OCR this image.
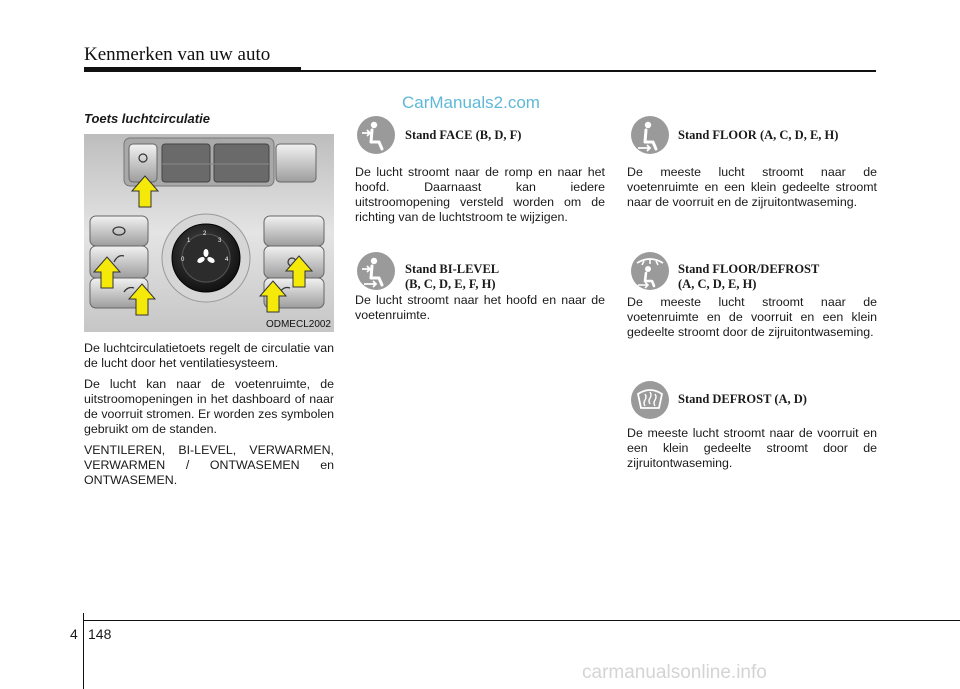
Kenmerken van uw auto
CarManuals2.com
Toets luchtcirculatie
1
2
3
0	4
ODMECL2002

De luchtcirculatietoets regelt de circulatie van de lucht door het ventilatiesysteem.

De lucht kan naar de voetenruimte, de uitstroomopeningen in het dashboard of naar de voorruit stromen. Er worden zes symbolen gebruikt om de standen.

VENTILEREN, BI-LEVEL, VERWARMEN, VERWARMEN / ONTWASEMEN en ONTWASEMEN.

Stand FACE (B, D, F)
De lucht stroomt naar de romp en naar het hoofd. Daarnaast kan iedere uitstroomopening versteld worden om de richting van de luchtstroom te wijzigen.
Stand BI-LEVEL
(B, C, D, E, F, H)
De lucht stroomt naar het hoofd en naar de voetenruimte.
Stand FLOOR (A, C, D, E, H)
De meeste lucht stroomt naar de voetenruimte en een klein gedeelte stroomt naar de voorruit en de zijruitontwaseming.
Stand FLOOR/DEFROST
(A, C, D, E, H)
De meeste lucht stroomt naar de voetenruimte en de voorruit en een klein gedeelte stroomt door de zijruitontwaseming.
Stand DEFROST (A, D)
De meeste lucht stroomt naar de voorruit en een klein gedeelte stroomt door de zijruitontwaseming.
4 148
carmanualsonline.info
